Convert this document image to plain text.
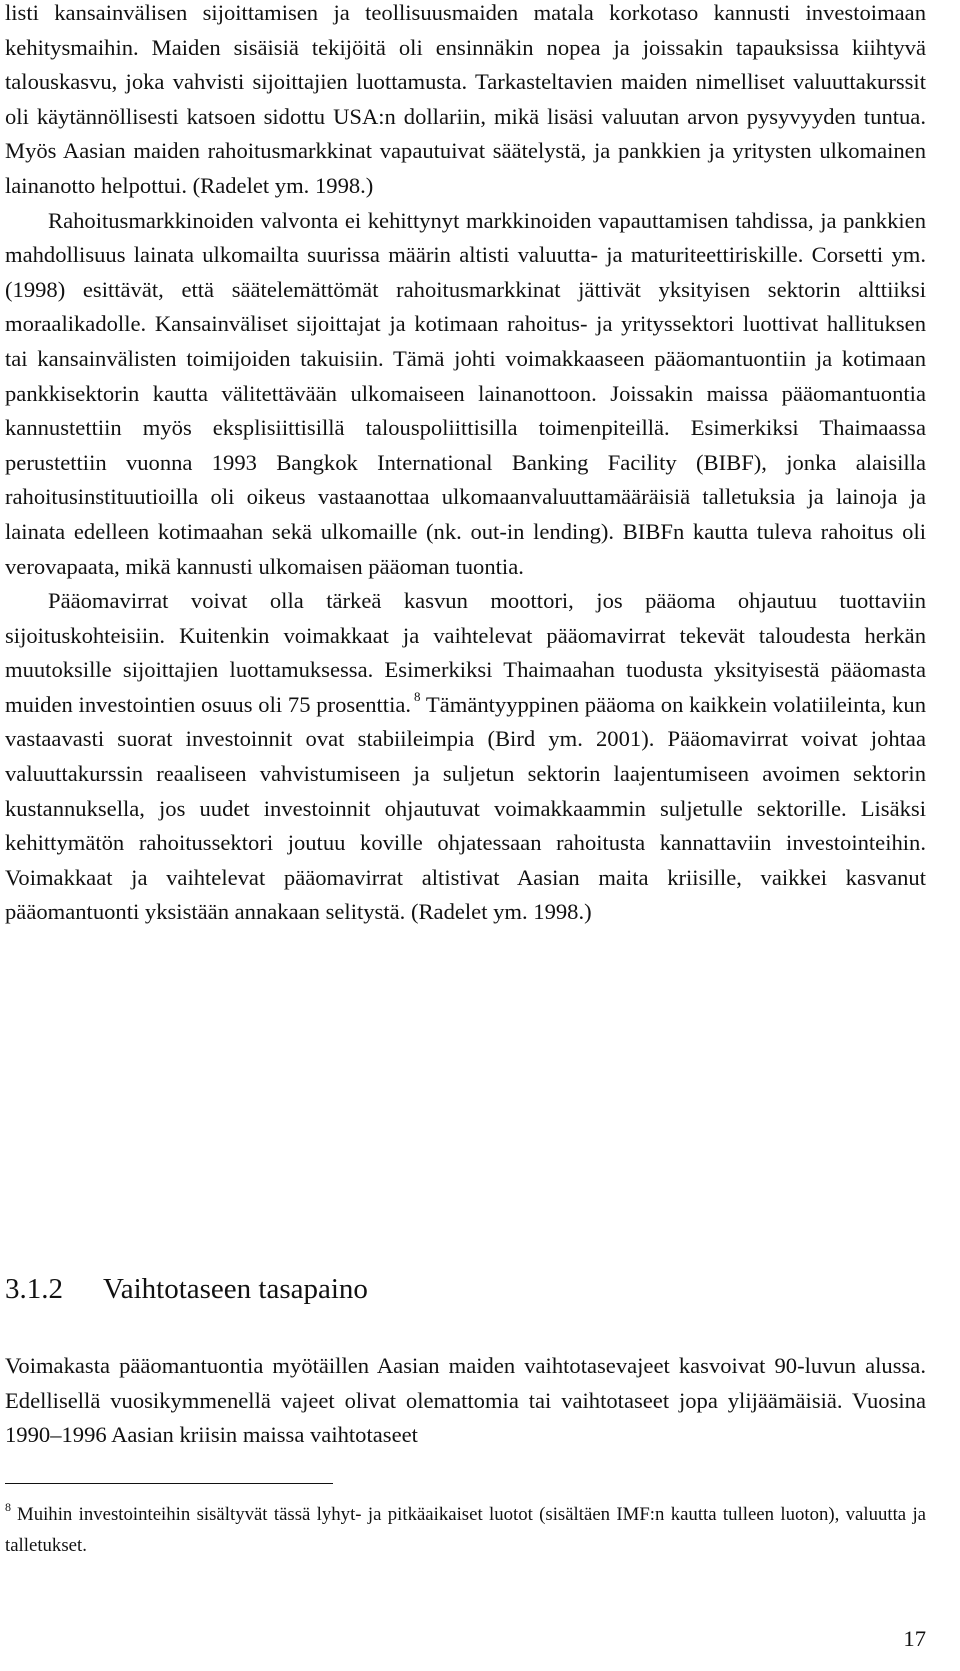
listi kansainvälisen sijoittamisen ja teollisuusmaiden matala korkotaso kannusti investoimaan kehitysmaihin. Maiden sisäisiä tekijöitä oli ensinnäkin nopea ja joissakin tapauksissa kiihtyvä talouskasvu, joka vahvisti sijoittajien luottamusta. Tarkasteltavien maiden nimelliset valuuttakurssit oli käytännöllisesti katsoen sidottu USA:n dollariin, mikä lisäsi valuutan arvon pysyvyyden tuntua. Myös Aasian maiden rahoitusmarkkinat vapautuivat säätelystä, ja pankkien ja yritysten ulkomainen lainanotto helpottui. (Radelet ym. 1998.)

Rahoitusmarkkinoiden valvonta ei kehittynyt markkinoiden vapauttamisen tahdissa, ja pankkien mahdollisuus lainata ulkomailta suurissa määrin altisti valuutta- ja maturiteettiriskille. Corsetti ym. (1998) esittävät, että säätelemättömät rahoitusmarkkinat jättivät yksityisen sektorin alttiiksi moraalikadolle. Kansainväliset sijoittajat ja kotimaan rahoitus- ja yrityssektori luottivat hallituksen tai kansainvälisten toimijoiden takuisiin. Tämä johti voimakkaaseen pääomantuontiin ja kotimaan pankkisektorin kautta välitettävään ulkomaiseen lainanottoon. Joissakin maissa pääomantuontia kannustettiin myös eksplisiittisillä talouspoliittisilla toimenpiteillä. Esimerkiksi Thaimaassa perustettiin vuonna 1993 Bangkok International Banking Facility (BIBF), jonka alaisilla rahoitusinstituutioilla oli oikeus vastaanottaa ulkomaanvaluuttamääräisiä talletuksia ja lainoja ja lainata edelleen kotimaahan sekä ulkomaille (nk. out-in lending). BIBFn kautta tuleva rahoitus oli verovapaata, mikä kannusti ulkomaisen pääoman tuontia.

Pääomavirrat voivat olla tärkeä kasvun moottori, jos pääoma ohjautuu tuottaviin sijoituskohteisiin. Kuitenkin voimakkaat ja vaihtelevat pääomavirrat tekevät taloudesta herkän muutoksille sijoittajien luottamuksessa. Esimerkiksi Thaimaahan tuodusta yksityisestä pääomasta muiden investointien osuus oli 75 prosenttia. $^8$ Tämäntyyppinen pääoma on kaikkein volatiileinta, kun vastaavasti suorat investoinnit ovat stabiileimpia (Bird ym. 2001). Pääomavirrat voivat johtaa valuuttakurssin reaaliseen vahvistumiseen ja suljetun sektorin laajentumiseen avoimen sektorin kustannuksella, jos uudet investoinnit ohjautuvat voimakkaammin suljetulle sektorille. Lisäksi kehittymätön rahoitussektori joutuu koville ohjatessaan rahoitusta kannattaviin investointeihin. Voimakkaat ja vaihtelevat pääomavirrat altistivat Aasian maita kriisille, vaikkei kasvanut pääomantuonti yksistään annakaan selitystä. (Radelet ym. 1998.)

3.1.2 Vaihtotaseen tasapaino

Voimakasta pääomantuontia myötäillen Aasian maiden vaihtotasevajeet kasvoivat 90-luvun alussa. Edellisellä vuosikymmenellä vajeet olivat olemattomia tai vaihtotaseet jopa ylijäämäisiä. Vuosina 1990–1996 Aasian kriisin maissa vaihtotaseet

$^8$ Muihin investointeihin sisältyvät tässä lyhyt- ja pitkäaikaiset luotot (sisältäen IMF:n kautta tulleen luoton), valuutta ja talletukset.
17
